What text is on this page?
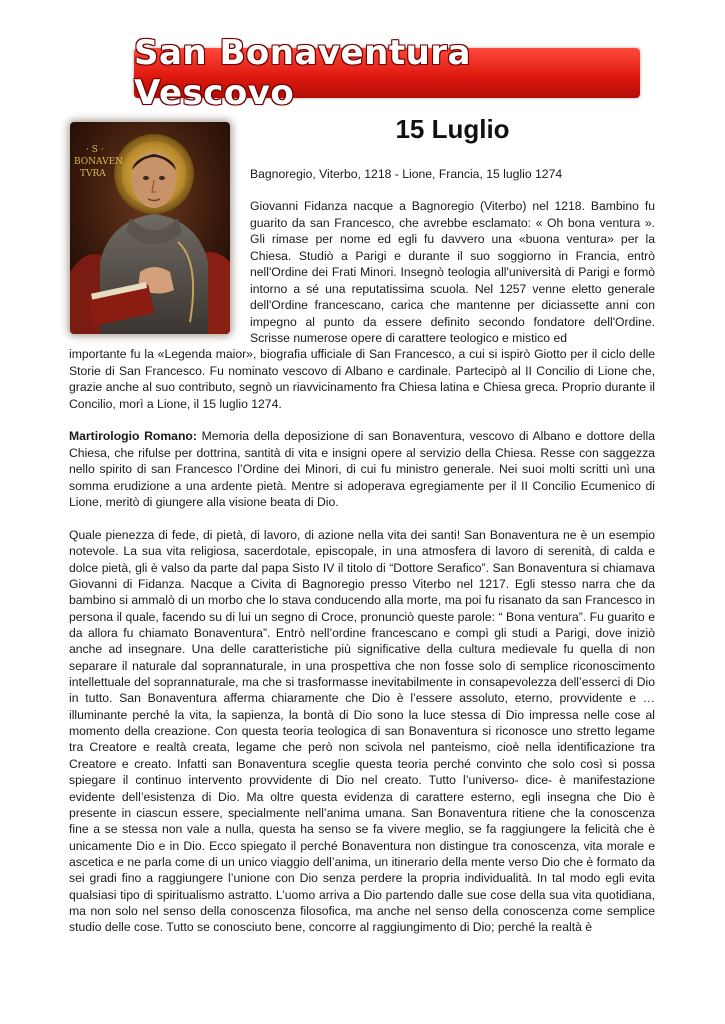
San Bonaventura Vescovo
· S ·
BONAVEN
TVRA
15 Luglio
Bagnoregio, Viterbo, 1218 - Lione, Francia, 15 luglio 1274

Giovanni Fidanza nacque a Bagnoregio (Viterbo) nel 1218. Bambino fu guarito da san Francesco, che avrebbe esclamato: « Oh bona ventura ». Gli rimase per nome ed egli fu davvero una «buona ventura» per la Chiesa. Studiò a Parigi e durante il suo soggiorno in Francia, entrò nell'Ordine dei Frati Minori. Insegnò teologia all'università di Parigi e formò intorno a sé una reputatissima scuola. Nel 1257 venne eletto generale dell'Ordine francescano, carica che mantenne per diciassette anni con impegno al punto da essere definito secondo fondatore dell'Ordine. Scrisse numerose opere di carattere teologico e mistico ed

importante fu la «Legenda maior», biografia ufficiale di San Francesco, a cui si ispirò Giotto per il ciclo delle Storie di San Francesco. Fu nominato vescovo di Albano e cardinale. Partecipò al II Concilio di Lione che, grazie anche al suo contributo, segnò un riavvicinamento fra Chiesa latina e Chiesa greca. Proprio durante il Concilio, morì a Lione, il 15 luglio 1274.

Martirologio Romano: Memoria della deposizione di san Bonaventura, vescovo di Albano e dottore della Chiesa, che rifulse per dottrina, santità di vita e insigni opere al servizio della Chiesa. Resse con saggezza nello spirito di san Francesco l’Ordine dei Minori, di cui fu ministro generale. Nei suoi molti scritti unì una somma erudizione a una ardente pietà. Mentre si adoperava egregiamente per il II Concilio Ecumenico di Lione, meritò di giungere alla visione beata di Dio.

Quale pienezza di fede, di pietà, di lavoro, di azione nella vita dei santi! San Bonaventura ne è un esempio notevole. La sua vita religiosa, sacerdotale, episcopale, in una atmosfera di lavoro di serenità, di calda e dolce pietà, gli è valso da parte dal papa Sisto IV il titolo di “Dottore Serafico”. San Bonaventura si chiamava Giovanni di Fidanza. Nacque a Civita di Bagnoregio presso Viterbo nel 1217. Egli stesso narra che da bambino si ammalò di un morbo che lo stava conducendo alla morte, ma poi fu risanato da san Francesco in persona il quale, facendo su di lui un segno di Croce, pronunciò queste parole: “ Bona ventura”. Fu guarito e da allora fu chiamato Bonaventura”. Entrò nell’ordine francescano e compì gli studi a Parigi, dove iniziò anche ad insegnare. Una delle caratteristiche più significative della cultura medievale fu quella di non separare il naturale dal soprannaturale, in una prospettiva che non fosse solo di semplice riconoscimento intellettuale del soprannaturale, ma che si trasformasse inevitabilmente in consapevolezza dell’esserci di Dio in tutto. San Bonaventura afferma chiaramente che Dio è l’essere assoluto, eterno, provvidente e …illuminante perché la vita, la sapienza, la bontà di Dio sono la luce stessa di Dio impressa nelle cose al momento della creazione. Con questa teoria teologica di san Bonaventura si riconosce uno stretto legame tra Creatore e realtà creata, legame che però non scivola nel panteismo, cioè nella identificazione tra Creatore e creato. Infatti san Bonaventura sceglie questa teoria perché convinto che solo così si possa spiegare il continuo intervento provvidente di Dio nel creato. Tutto l’universo- dice- è manifestazione evidente dell’esistenza di Dio. Ma oltre questa evidenza di carattere esterno, egli insegna che Dio è presente in ciascun essere, specialmente nell’anima umana. San Bonaventura ritiene che la conoscenza fine a se stessa non vale a nulla, questa ha senso se fa vivere meglio, se fa raggiungere la felicità che è unicamente Dio e in Dio. Ecco spiegato il perché Bonaventura non distingue tra conoscenza, vita morale e ascetica e ne parla come di un unico viaggio dell’anima, un itinerario della mente verso Dio che è formato da sei gradi fino a raggiungere l’unione con Dio senza perdere la propria individualità. In tal modo egli evita qualsiasi tipo di spiritualismo astratto. L’uomo arriva a Dio partendo dalle sue cose della sua vita quotidiana, ma non solo nel senso della conoscenza filosofica, ma anche nel senso della conoscenza come semplice studio delle cose. Tutto se conosciuto bene, concorre al raggiungimento di Dio; perché la realtà è
